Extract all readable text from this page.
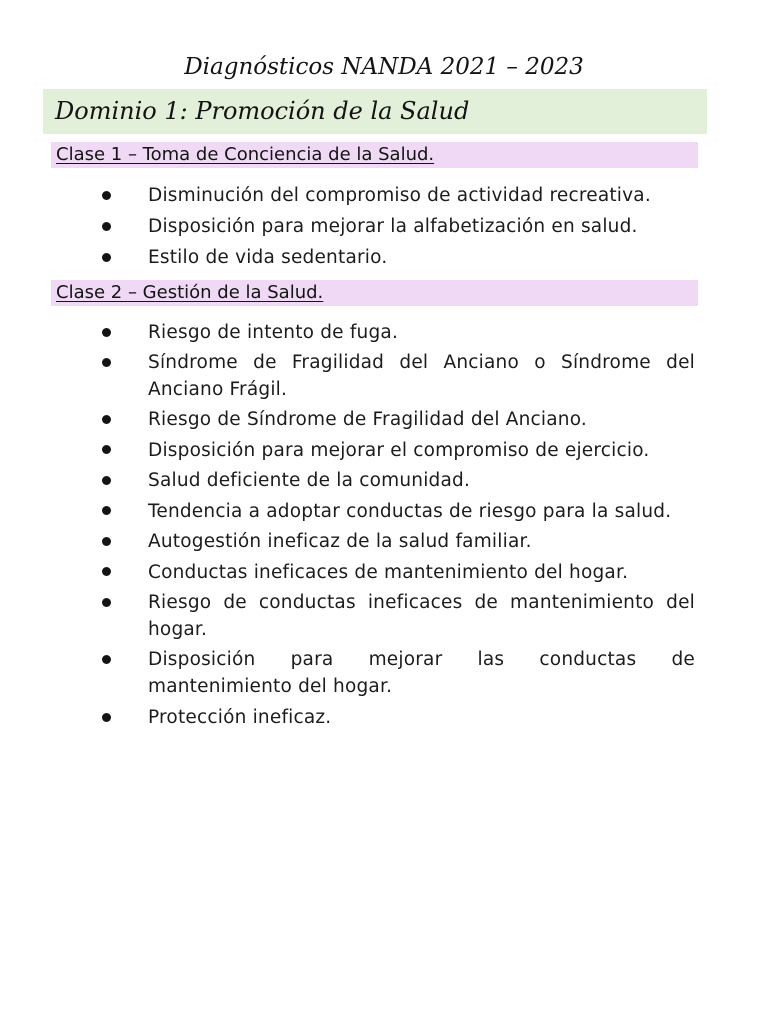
Diagnósticos NANDA 2021 – 2023
Dominio 1: Promoción de la Salud
Clase 1 – Toma de Conciencia de la Salud.
Disminución del compromiso de actividad recreativa.
Disposición para mejorar la alfabetización en salud.
Estilo de vida sedentario.
Clase 2 – Gestión de la Salud.
Riesgo de intento de fuga.
Síndrome de Fragilidad del Anciano o Síndrome del Anciano Frágil.
Riesgo de Síndrome de Fragilidad del Anciano.
Disposición para mejorar el compromiso de ejercicio.
Salud deficiente de la comunidad.
Tendencia a adoptar conductas de riesgo para la salud.
Autogestión ineficaz de la salud familiar.
Conductas ineficaces de mantenimiento del hogar.
Riesgo de conductas ineficaces de mantenimiento del hogar.
Disposición para mejorar las conductas de mantenimiento del hogar.
Protección ineficaz.
